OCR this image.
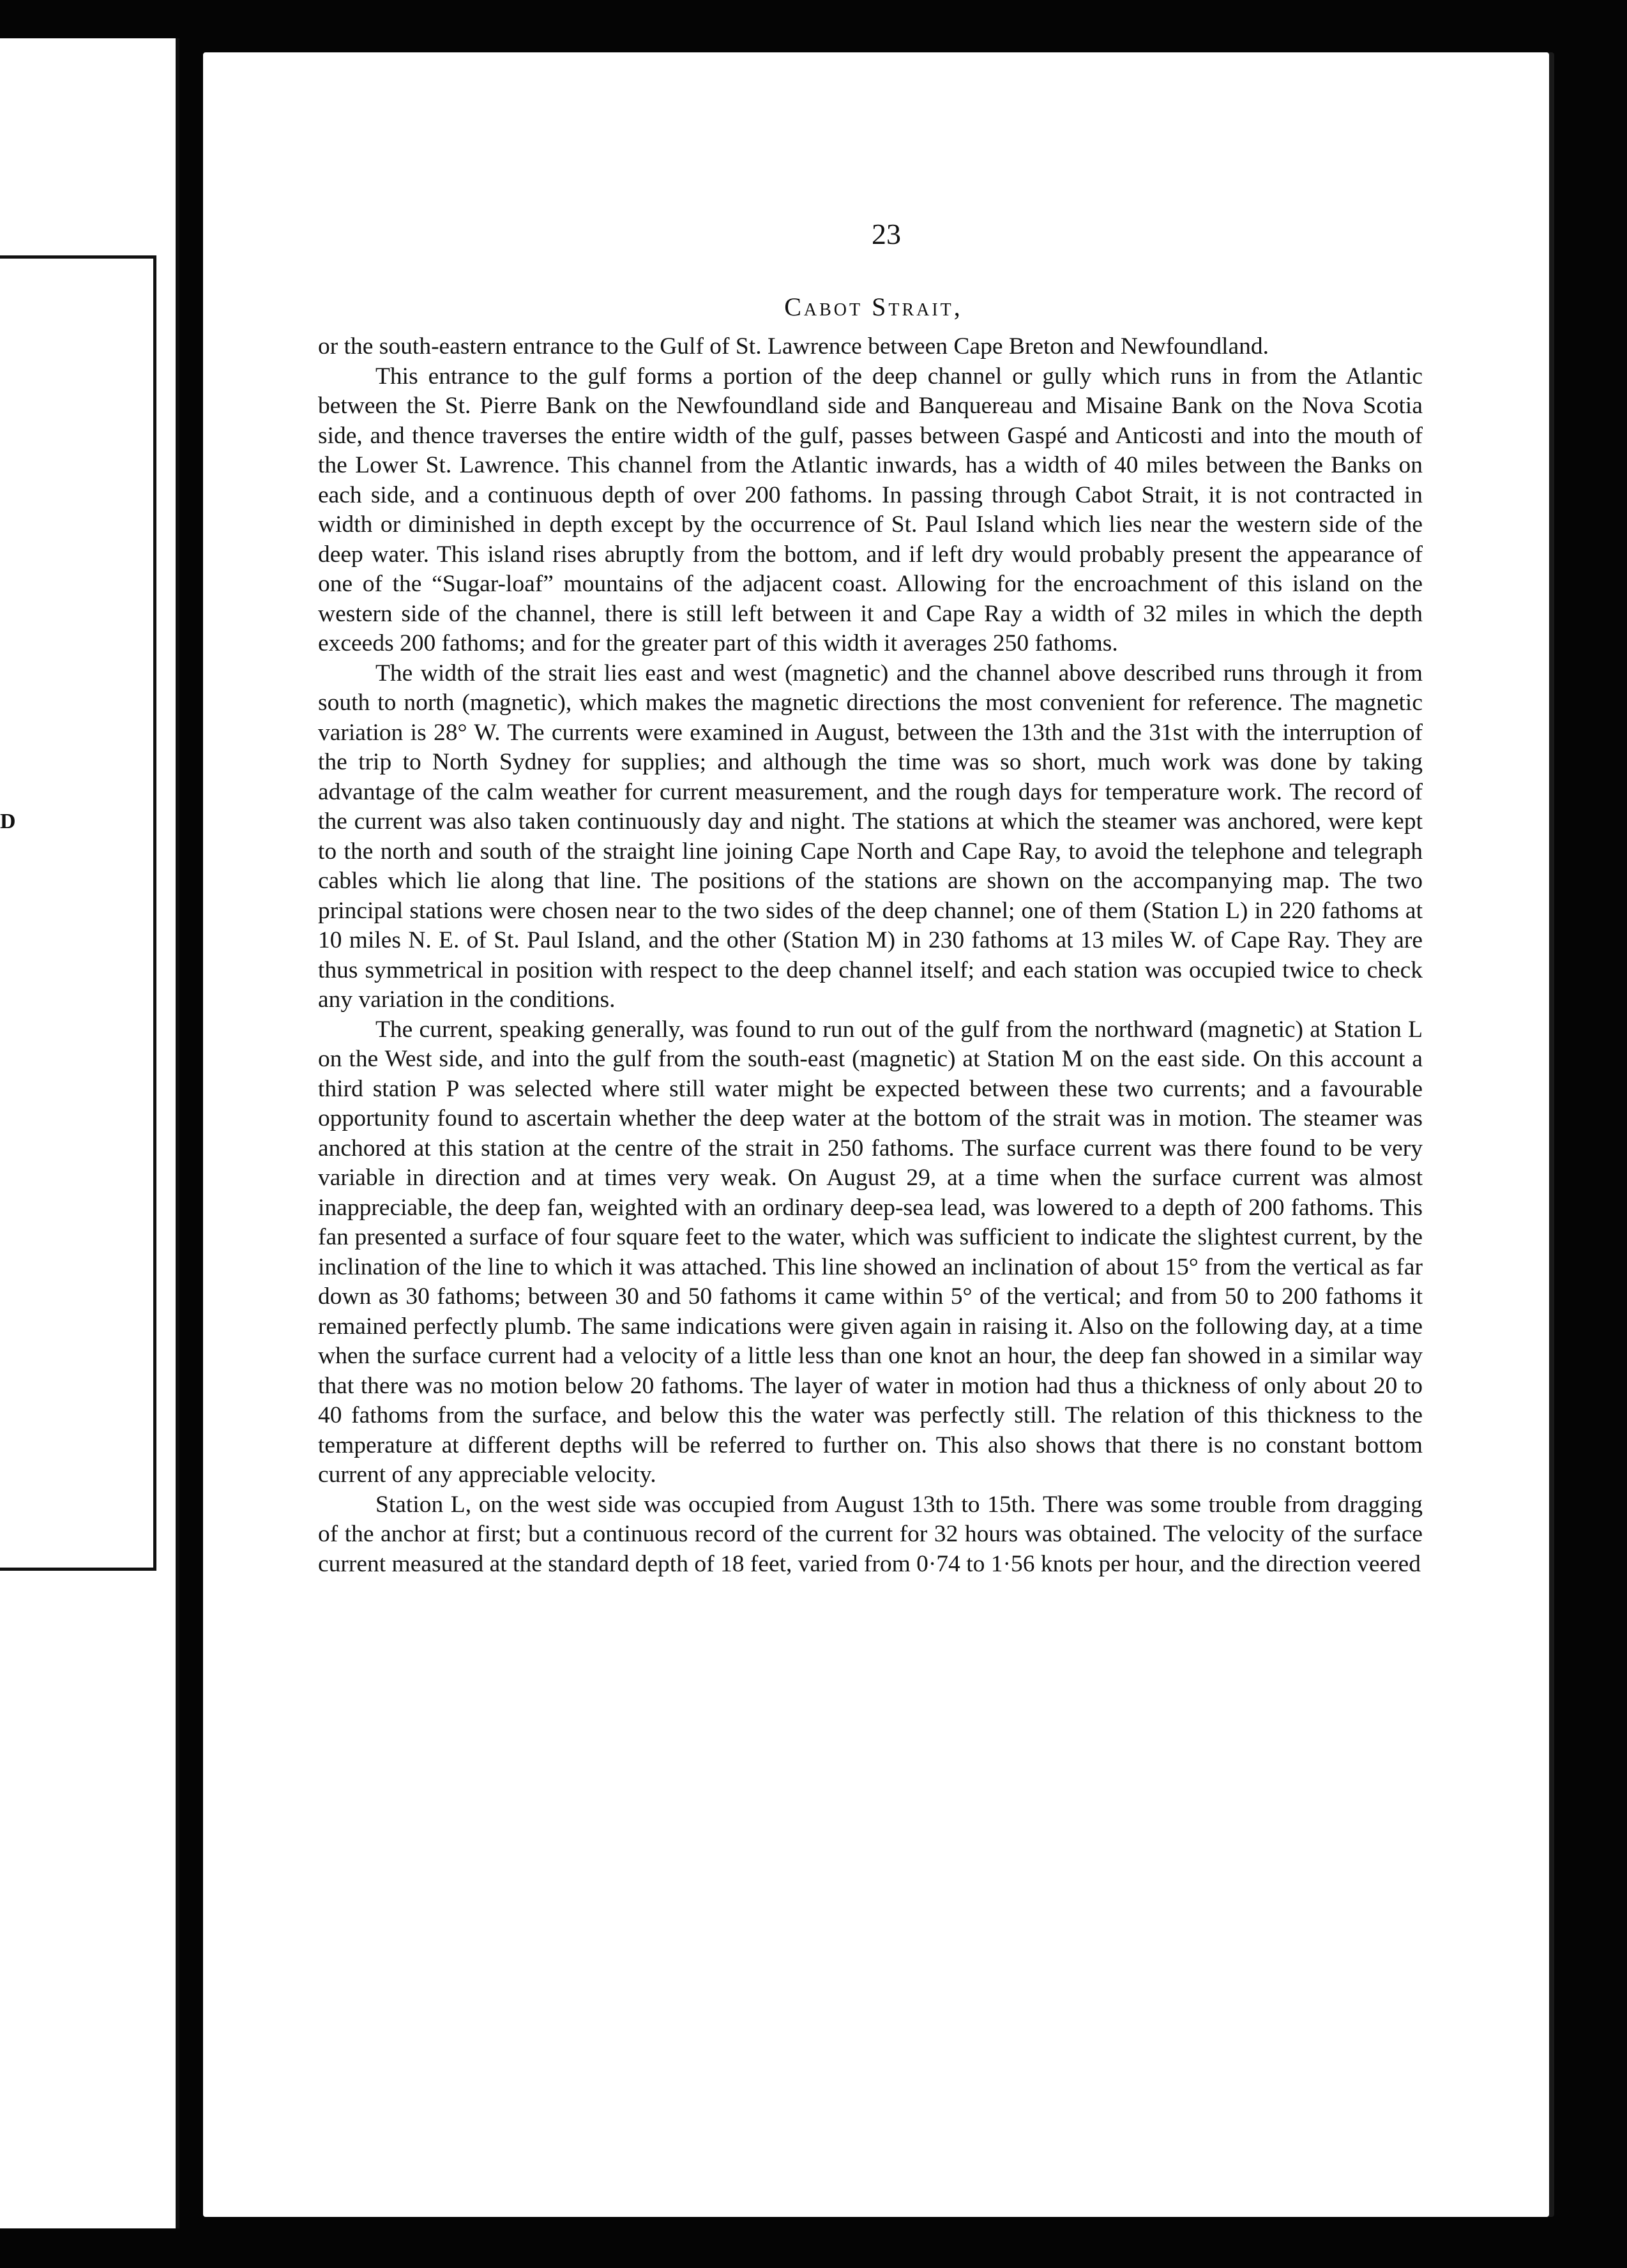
D
23
Cabot Strait,

or the south-eastern entrance to the Gulf of St. Lawrence between Cape Breton and Newfoundland.

This entrance to the gulf forms a portion of the deep channel or gully which runs in from the Atlantic between the St. Pierre Bank on the Newfoundland side and Banquereau and Misaine Bank on the Nova Scotia side, and thence traverses the entire width of the gulf, passes between Gaspé and Anticosti and into the mouth of the Lower St. Lawrence. This channel from the Atlantic inwards, has a width of 40 miles between the Banks on each side, and a continuous depth of over 200 fathoms. In passing through Cabot Strait, it is not contracted in width or diminished in depth except by the occurrence of St. Paul Island which lies near the western side of the deep water. This island rises abruptly from the bottom, and if left dry would probably present the appearance of one of the “Sugar-loaf” mountains of the adjacent coast. Allowing for the encroachment of this island on the western side of the channel, there is still left between it and Cape Ray a width of 32 miles in which the depth exceeds 200 fathoms; and for the greater part of this width it averages 250 fathoms.

The width of the strait lies east and west (magnetic) and the channel above described runs through it from south to north (magnetic), which makes the magnetic directions the most convenient for reference. The magnetic variation is 28° W. The currents were examined in August, between the 13th and the 31st with the interruption of the trip to North Sydney for supplies; and although the time was so short, much work was done by taking advantage of the calm weather for current measurement, and the rough days for temperature work. The record of the current was also taken continuously day and night. The stations at which the steamer was anchored, were kept to the north and south of the straight line joining Cape North and Cape Ray, to avoid the telephone and telegraph cables which lie along that line. The positions of the stations are shown on the accompanying map. The two principal stations were chosen near to the two sides of the deep channel; one of them (Station L) in 220 fathoms at 10 miles N. E. of St. Paul Island, and the other (Station M) in 230 fathoms at 13 miles W. of Cape Ray. They are thus symmetrical in position with respect to the deep channel itself; and each station was occupied twice to check any variation in the conditions.

The current, speaking generally, was found to run out of the gulf from the northward (magnetic) at Station L on the West side, and into the gulf from the south-east (magnetic) at Station M on the east side. On this account a third station P was selected where still water might be expected between these two currents; and a favourable opportunity found to ascertain whether the deep water at the bottom of the strait was in motion. The steamer was anchored at this station at the centre of the strait in 250 fathoms. The surface current was there found to be very variable in direction and at times very weak. On August 29, at a time when the surface current was almost inappreciable, the deep fan, weighted with an ordinary deep-sea lead, was lowered to a depth of 200 fathoms. This fan presented a surface of four square feet to the water, which was sufficient to indicate the slightest current, by the inclination of the line to which it was attached. This line showed an inclination of about 15° from the vertical as far down as 30 fathoms; between 30 and 50 fathoms it came within 5° of the vertical; and from 50 to 200 fathoms it remained perfectly plumb. The same indications were given again in raising it. Also on the following day, at a time when the surface current had a velocity of a little less than one knot an hour, the deep fan showed in a similar way that there was no motion below 20 fathoms. The layer of water in motion had thus a thickness of only about 20 to 40 fathoms from the surface, and below this the water was perfectly still. The relation of this thickness to the temperature at different depths will be referred to further on. This also shows that there is no constant bottom current of any appreciable velocity.

Station L, on the west side was occupied from August 13th to 15th. There was some trouble from dragging of the anchor at first; but a continuous record of the current for 32 hours was obtained. The velocity of the surface current measured at the standard depth of 18 feet, varied from 0·74 to 1·56 knots per hour, and the direction veered
